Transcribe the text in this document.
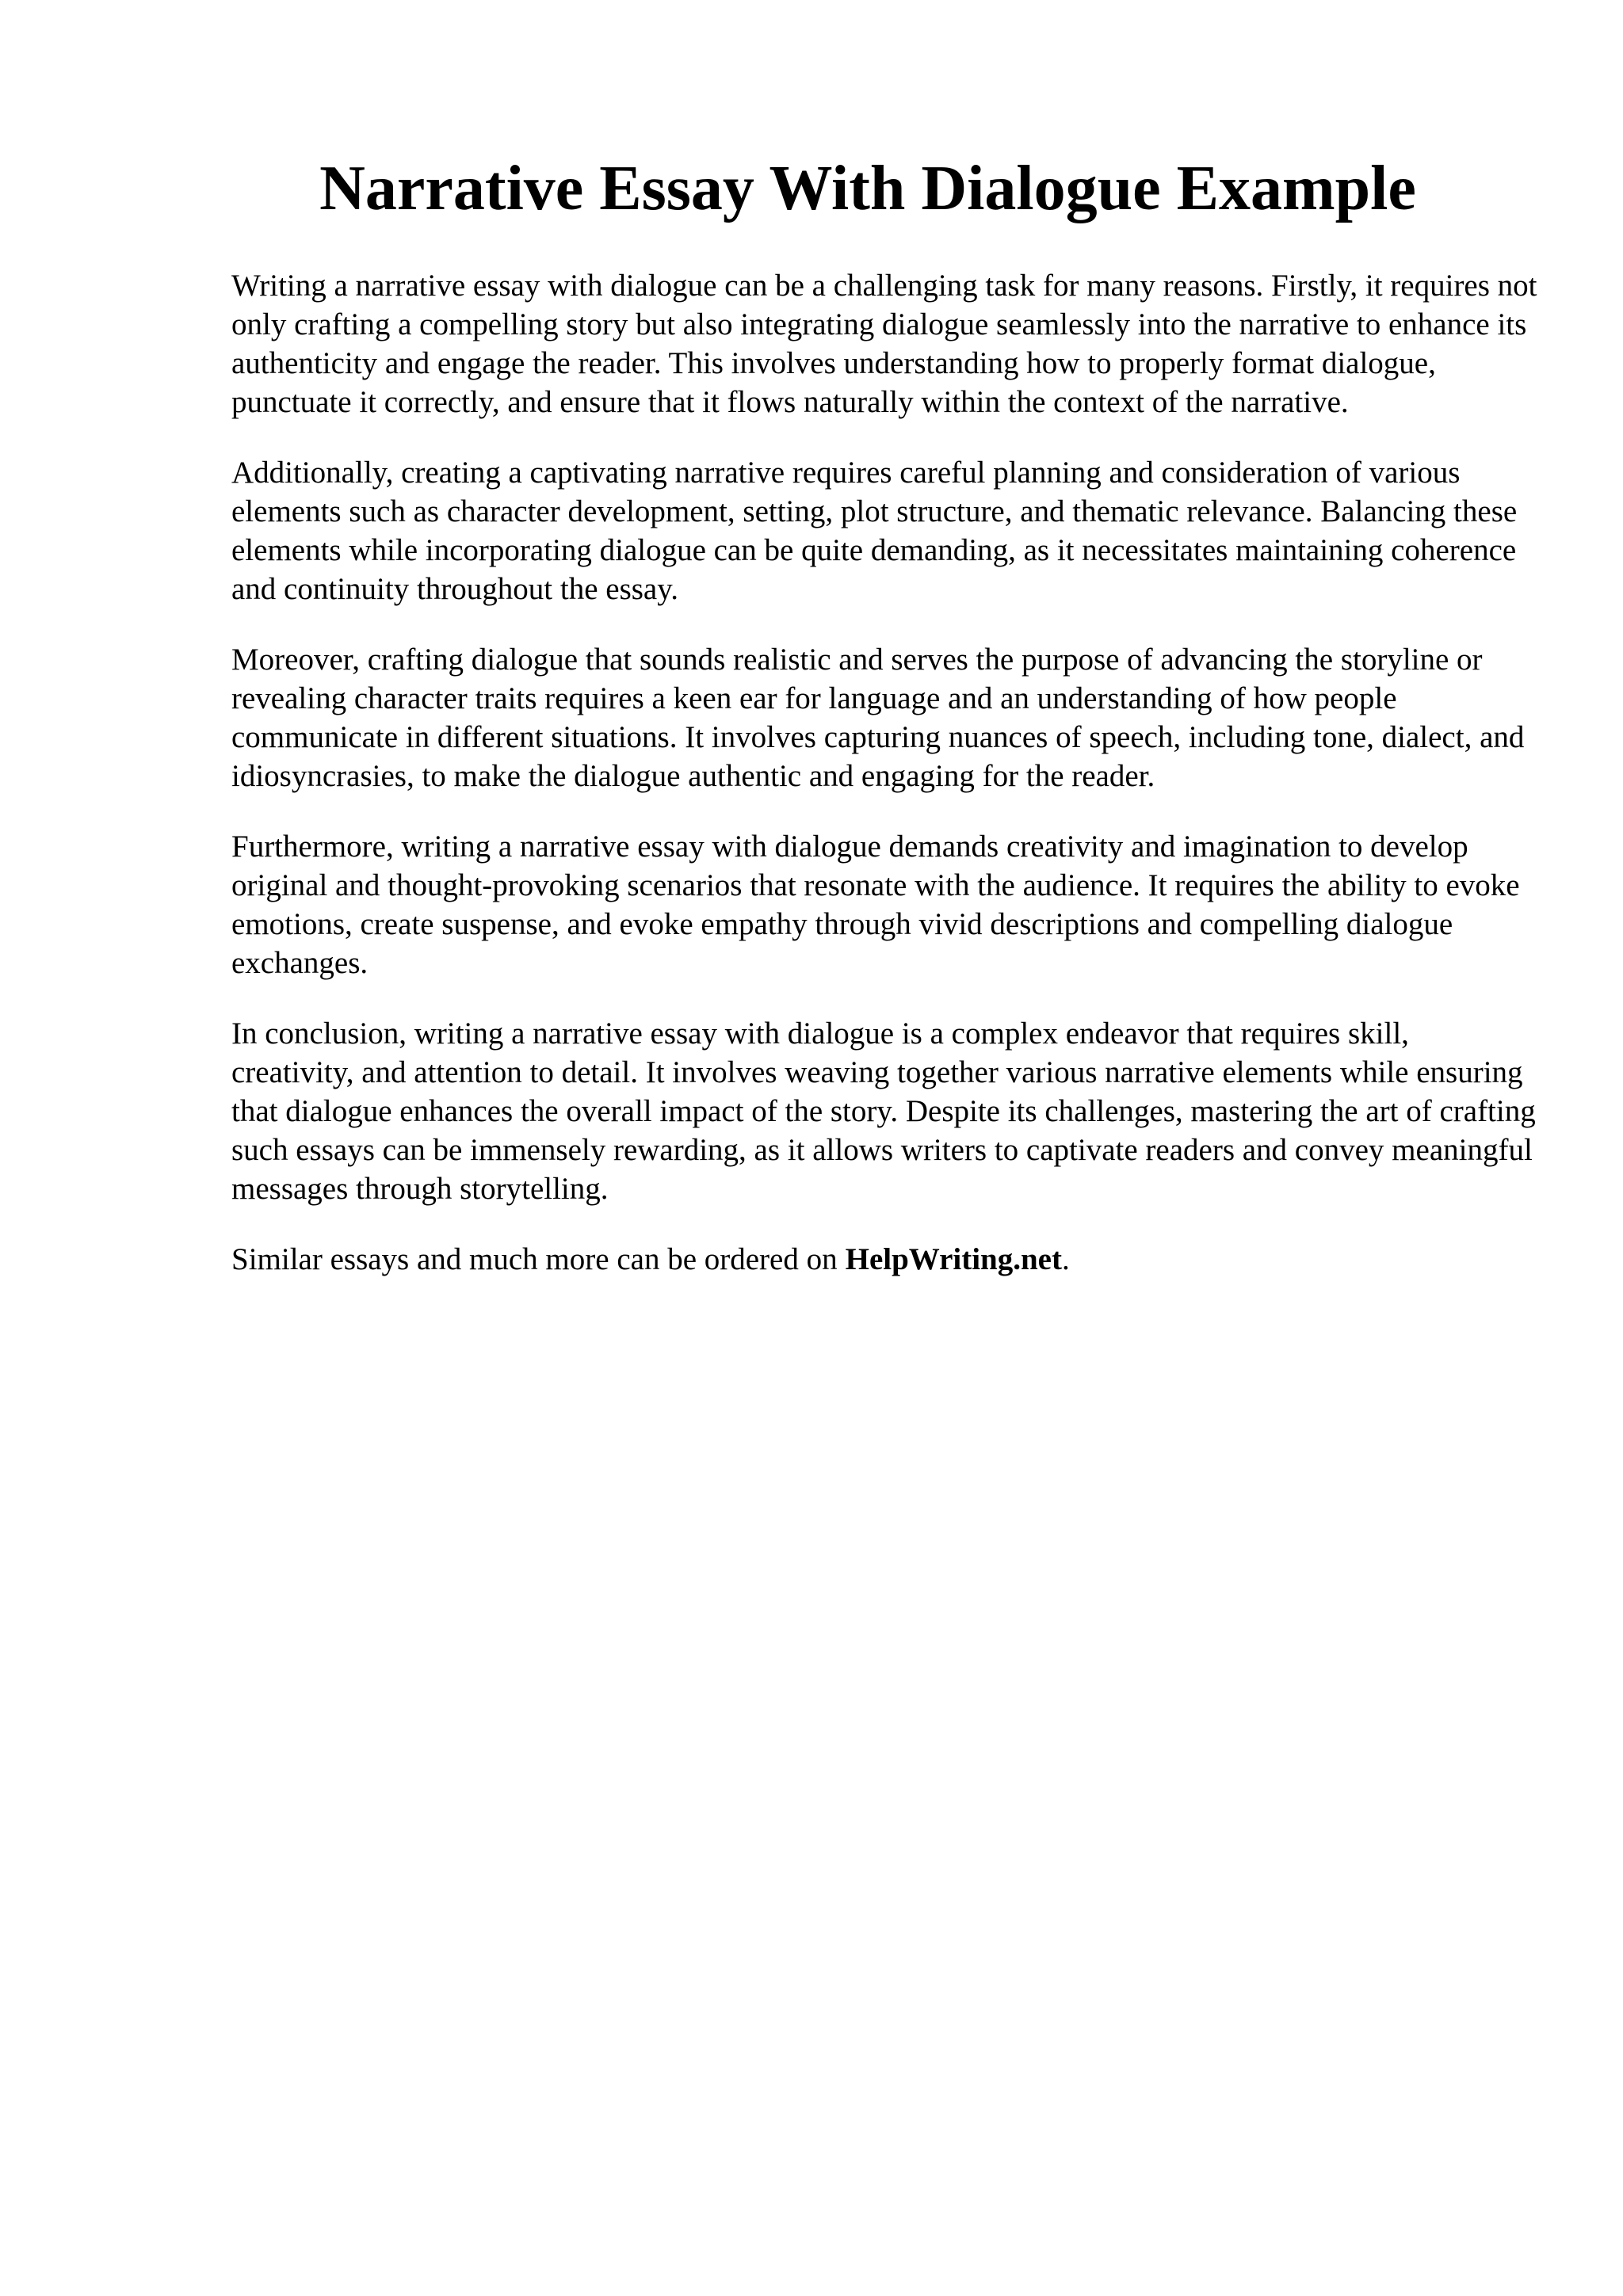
Narrative Essay With Dialogue Example

Writing a narrative essay with dialogue can be a challenging task for many reasons. Firstly, it requires not only crafting a compelling story but also integrating dialogue seamlessly into the narrative to enhance its authenticity and engage the reader. This involves understanding how to properly format dialogue, punctuate it correctly, and ensure that it flows naturally within the context of the narrative.

Additionally, creating a captivating narrative requires careful planning and consideration of various elements such as character development, setting, plot structure, and thematic relevance. Balancing these elements while incorporating dialogue can be quite demanding, as it necessitates maintaining coherence and continuity throughout the essay.

Moreover, crafting dialogue that sounds realistic and serves the purpose of advancing the storyline or revealing character traits requires a keen ear for language and an understanding of how people communicate in different situations. It involves capturing nuances of speech, including tone, dialect, and idiosyncrasies, to make the dialogue authentic and engaging for the reader.

Furthermore, writing a narrative essay with dialogue demands creativity and imagination to develop original and thought-provoking scenarios that resonate with the audience. It requires the ability to evoke emotions, create suspense, and evoke empathy through vivid descriptions and compelling dialogue exchanges.

In conclusion, writing a narrative essay with dialogue is a complex endeavor that requires skill, creativity, and attention to detail. It involves weaving together various narrative elements while ensuring that dialogue enhances the overall impact of the story. Despite its challenges, mastering the art of crafting such essays can be immensely rewarding, as it allows writers to captivate readers and convey meaningful messages through storytelling.

Similar essays and much more can be ordered on HelpWriting.net.
